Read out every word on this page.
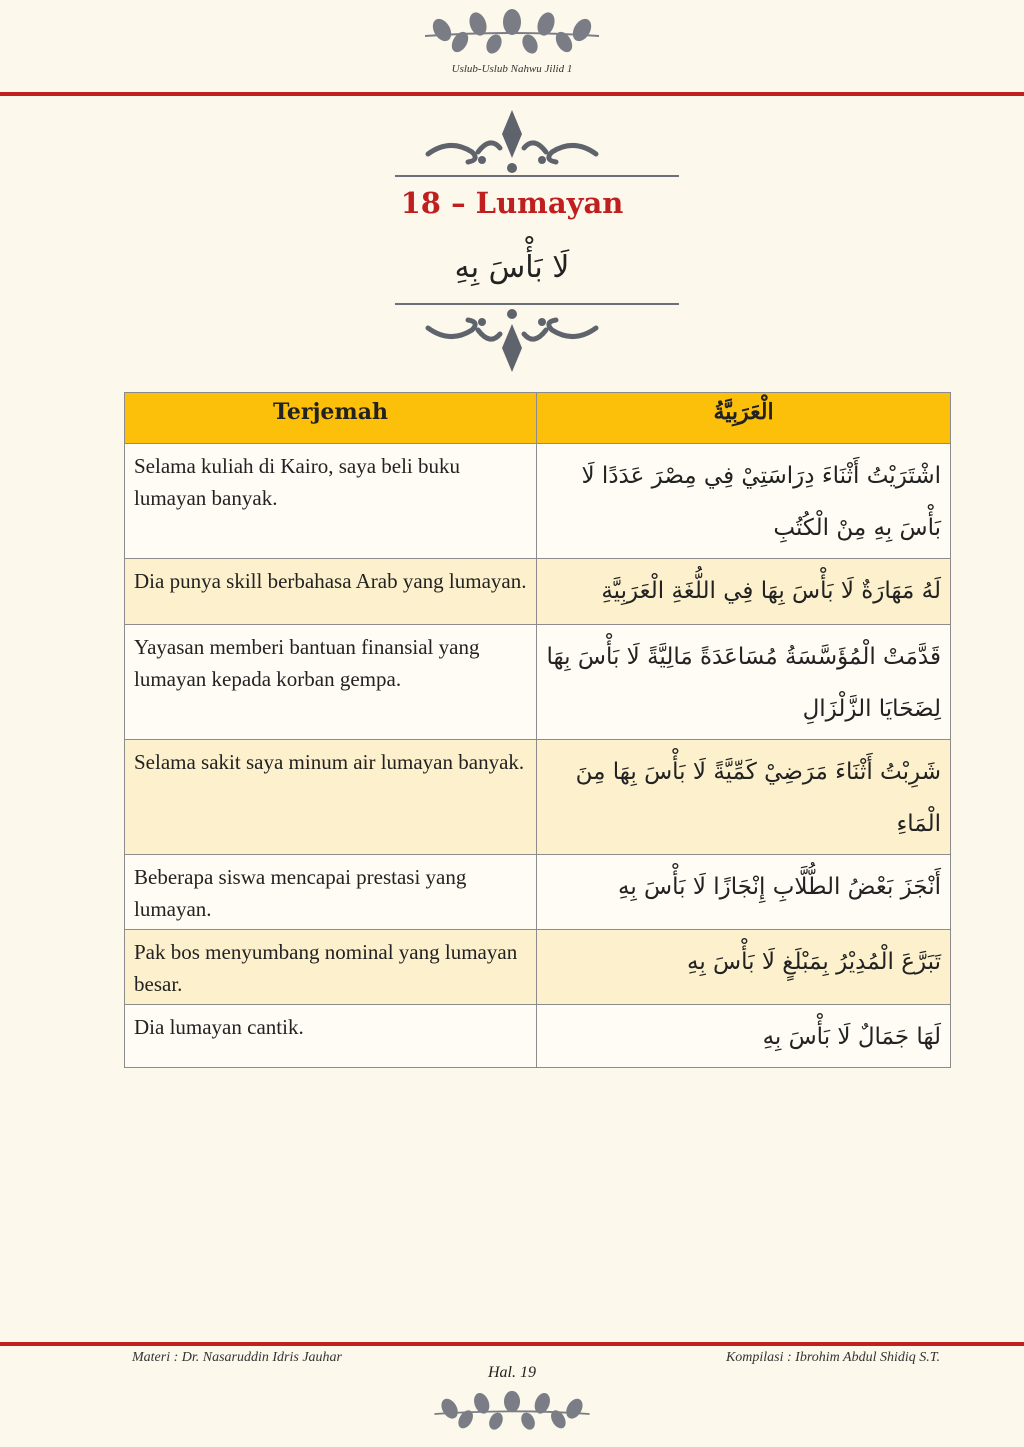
Uslub-Uslub Nahwu Jilid 1
18 – Lumayan
لَا بَأْسَ بِهِ
Terjemah	الْعَرَبِيَّةُ
Selama kuliah di Kairo, saya beli buku lumayan banyak.	اشْتَرَيْتُ أَثْنَاءَ دِرَاسَتِيْ فِي مِصْرَ عَدَدًا لَا بَأْسَ بِهِ مِنْ الْكُتُبِ
Dia punya skill berbahasa Arab yang lumayan.	لَهُ مَهَارَةٌ لَا بَأْسَ بِهَا فِي اللُّغَةِ الْعَرَبِيَّةِ
Yayasan memberi bantuan finansial yang lumayan kepada korban gempa.	قَدَّمَتْ الْمُؤَسَّسَةُ مُسَاعَدَةً مَالِيَّةً لَا بَأْسَ بِهَا لِضَحَايَا الزَّلْزَالِ
Selama sakit saya minum air lumayan banyak.	شَرِبْتُ أَثْنَاءَ مَرَضِيْ كَمِّيَّةً لَا بَأْسَ بِهَا مِنَ الْمَاءِ
Beberapa siswa mencapai prestasi yang lumayan.	أَنْجَزَ بَعْضُ الطُّلَّابِ إِنْجَازًا لَا بَأْسَ بِهِ
Pak bos menyumbang nominal yang lumayan besar.	تَبَرَّعَ الْمُدِيْرُ بِمَبْلَغٍ لَا بَأْسَ بِهِ
Dia lumayan cantik.	لَهَا جَمَالٌ لَا بَأْسَ بِهِ
Materi : Dr. Nasaruddin Idris Jauhar	Kompilasi : Ibrohim Abdul Shidiq S.T.
Hal. 19
